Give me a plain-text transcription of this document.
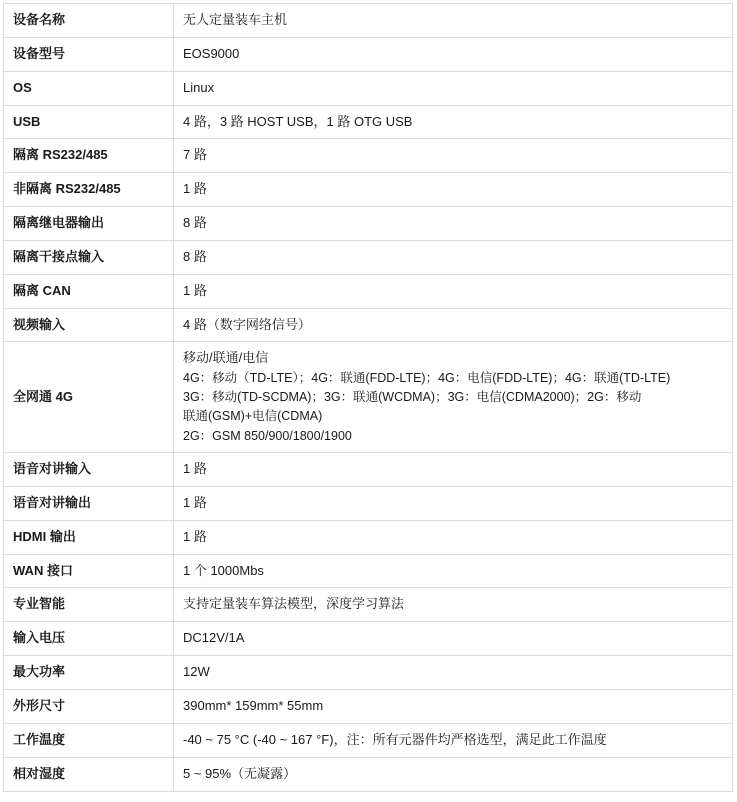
设备名称	无人定量装车主机
设备型号	EOS9000
OS	Linux
USB	4 路，3 路 HOST USB，1 路 OTG USB
隔离 RS232/485	7 路
非隔离 RS232/485	1 路
隔离继电器输出	8 路
隔离干接点输入	8 路
隔离 CAN	1 路
视频输入	4 路（数字网络信号）
全网通 4G	移动/联通/电信
4G：移动（TD-LTE）；4G：联通(FDD-LTE)；4G：电信(FDD-LTE)；4G：联通(TD-LTE)
3G：移动(TD-SCDMA)；3G：联通(WCDMA)；3G：电信(CDMA2000)；2G：移动
联通(GSM)+电信(CDMA)
2G：GSM 850/900/1800/1900

语音对讲输入	1 路
语音对讲输出	1 路
HDMI 输出	1 路
WAN 接口	1 个 1000Mbs
专业智能	支持定量装车算法模型，深度学习算法
输入电压	DC12V/1A
最大功率	12W
外形尺寸	390mm* 159mm* 55mm
工作温度	-40 ~ 75 °C (-40 ~ 167 °F)，注：所有元器件均严格选型，满足此工作温度
相对湿度	5 ~ 95%（无凝露）
